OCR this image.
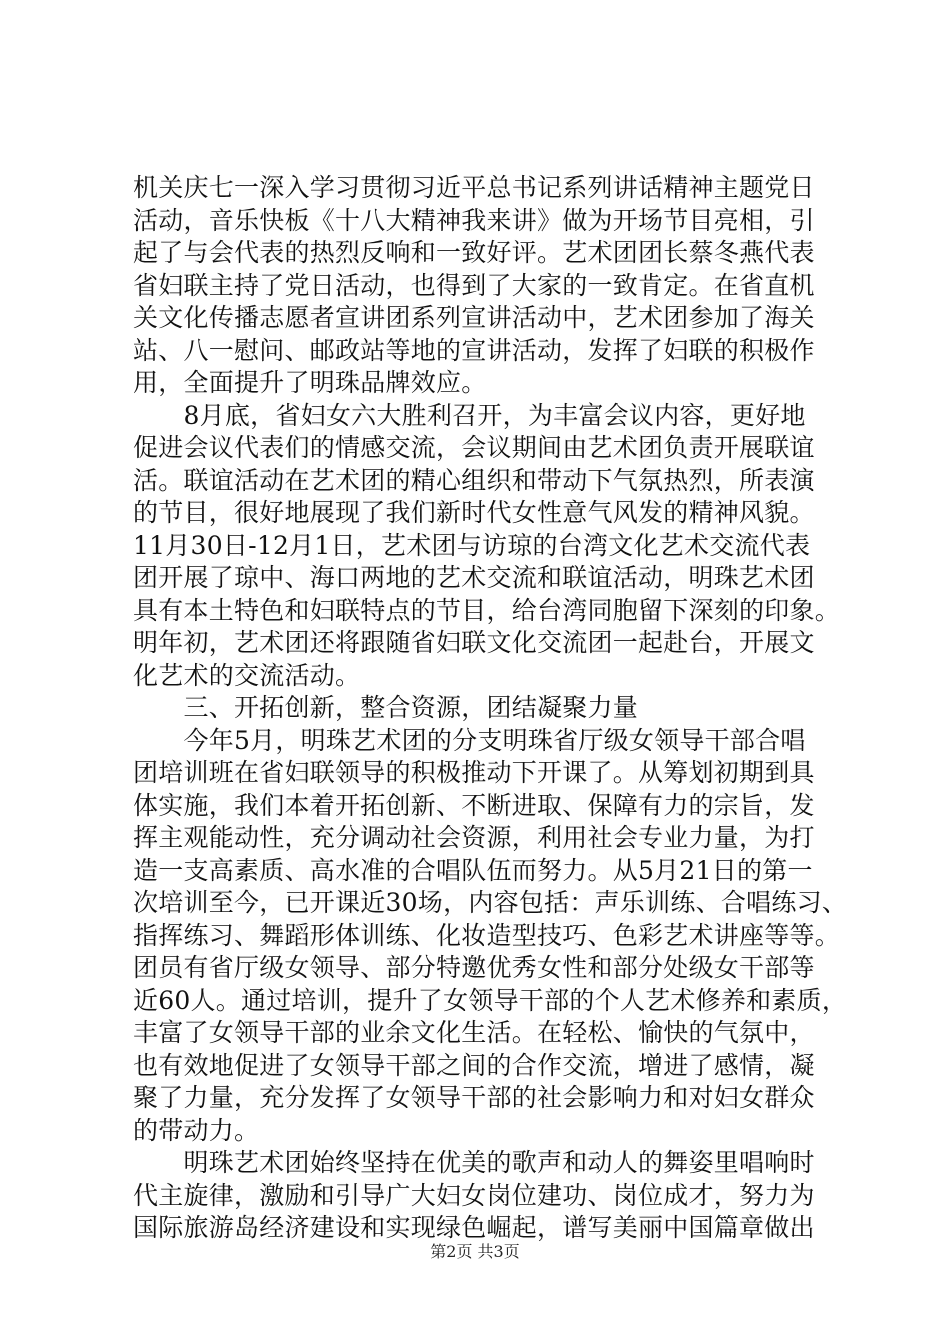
机关庆七一深入学习贯彻习近平总书记系列讲话精神主题党日
活动，音乐快板《十八大精神我来讲》做为开场节目亮相，引
起了与会代表的热烈反响和一致好评。艺术团团长蔡冬燕代表
省妇联主持了党日活动，也得到了大家的一致肯定。在省直机
关文化传播志愿者宣讲团系列宣讲活动中，艺术团参加了海关
站、八一慰问、邮政站等地的宣讲活动，发挥了妇联的积极作
用，全面提升了明珠品牌效应。
　　8月底，省妇女六大胜利召开，为丰富会议内容，更好地
促进会议代表们的情感交流，会议期间由艺术团负责开展联谊
活。联谊活动在艺术团的精心组织和带动下气氛热烈，所表演
的节目，很好地展现了我们新时代女性意气风发的精神风貌。
11月30日-12月1日，艺术团与访琼的台湾文化艺术交流代表
团开展了琼中、海口两地的艺术交流和联谊活动，明珠艺术团
具有本土特色和妇联特点的节目，给台湾同胞留下深刻的印象。
明年初，艺术团还将跟随省妇联文化交流团一起赴台，开展文
化艺术的交流活动。
　　三、开拓创新，整合资源，团结凝聚力量
　　今年5月，明珠艺术团的分支明珠省厅级女领导干部合唱
团培训班在省妇联领导的积极推动下开课了。从筹划初期到具
体实施，我们本着开拓创新、不断进取、保障有力的宗旨，发
挥主观能动性，充分调动社会资源，利用社会专业力量，为打
造一支高素质、高水准的合唱队伍而努力。从5月21日的第一
次培训至今，已开课近30场，内容包括：声乐训练、合唱练习、
指挥练习、舞蹈形体训练、化妆造型技巧、色彩艺术讲座等等。
团员有省厅级女领导、部分特邀优秀女性和部分处级女干部等
近60人。通过培训，提升了女领导干部的个人艺术修养和素质，
丰富了女领导干部的业余文化生活。在轻松、愉快的气氛中，
也有效地促进了女领导干部之间的合作交流，增进了感情，凝
聚了力量，充分发挥了女领导干部的社会影响力和对妇女群众
的带动力。
　　明珠艺术团始终坚持在优美的歌声和动人的舞姿里唱响时
代主旋律，激励和引导广大妇女岗位建功、岗位成才，努力为
国际旅游岛经济建设和实现绿色崛起，谱写美丽中国篇章做出
第2页 共3页
